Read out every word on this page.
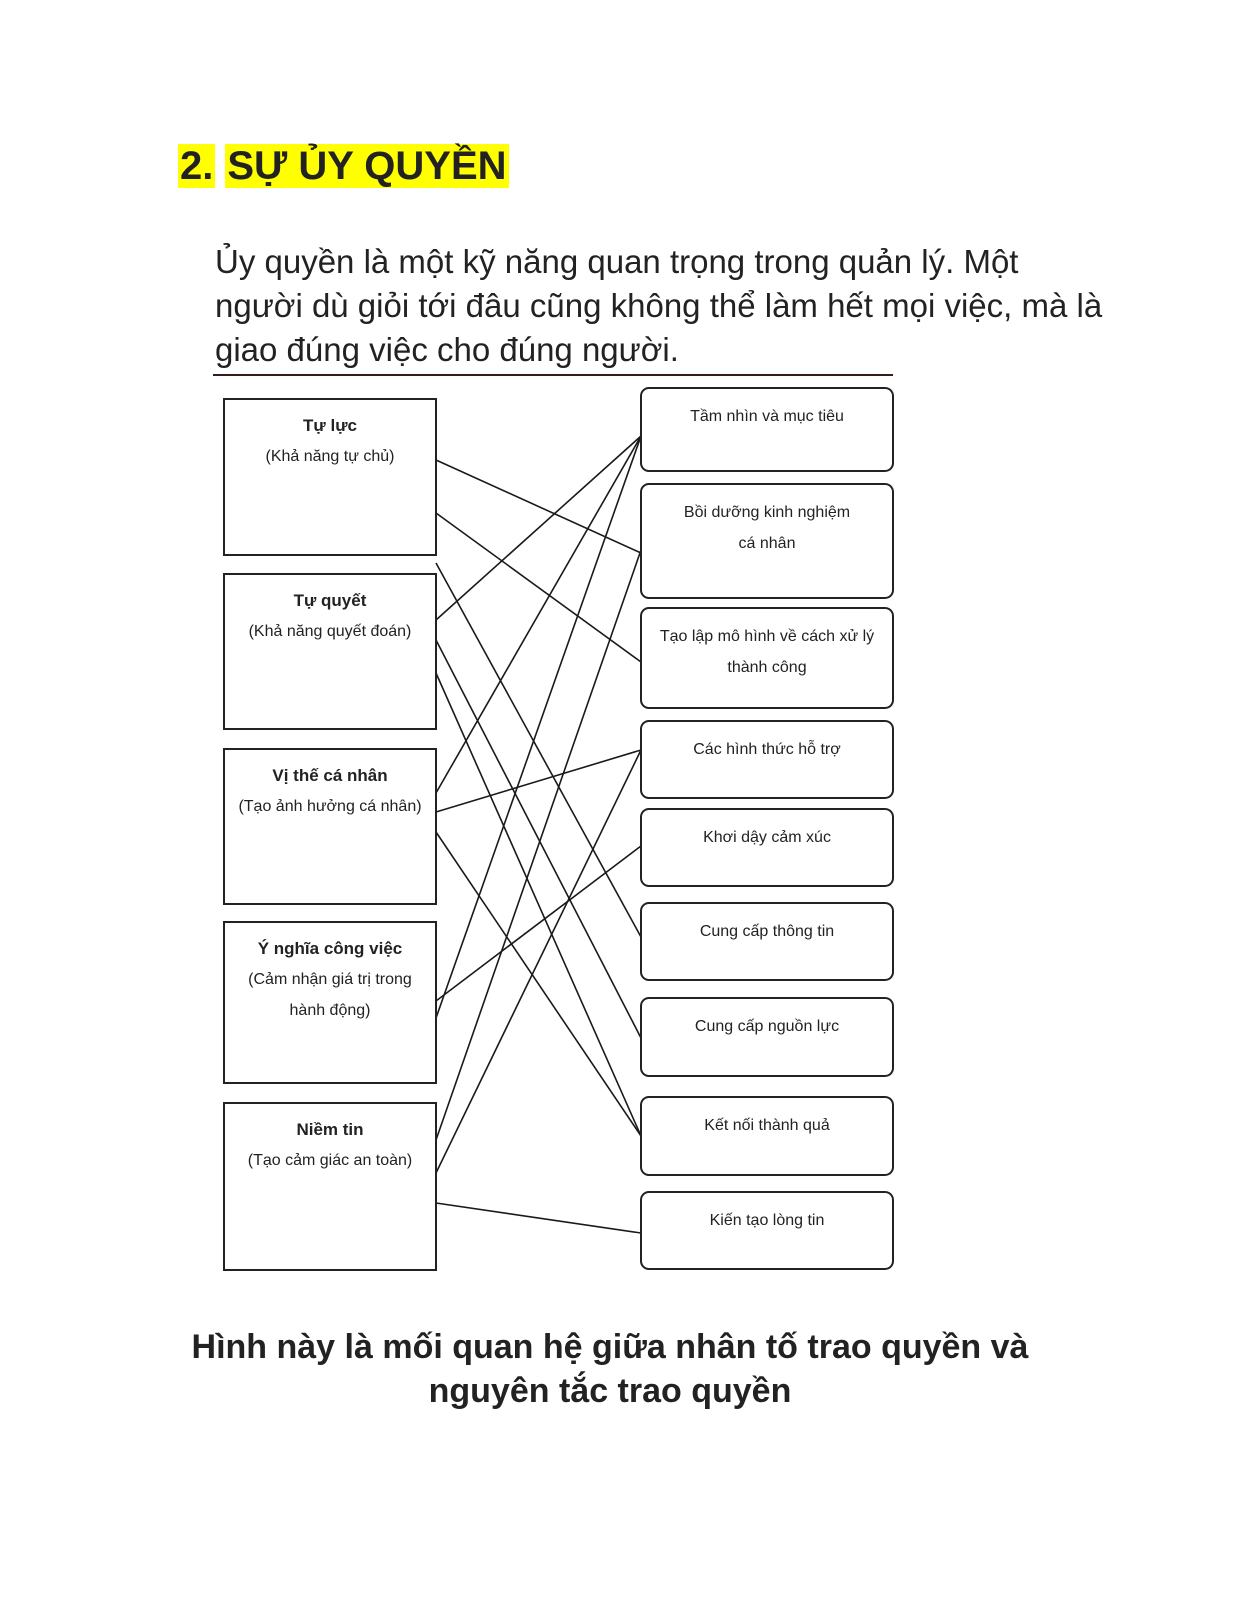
2. SỰ ỦY QUYỀN

Ủy quyền là một kỹ năng quan trọng trong quản lý. Một người dù giỏi tới đâu cũng không thể làm hết mọi việc, mà là giao đúng việc cho đúng người.

Tự lực
(Khả năng tự chủ)
Tự quyết
(Khả năng quyết đoán)
Vị thế cá nhân
(Tạo ảnh hưởng cá nhân)
Ý nghĩa công việc
(Cảm nhận giá trị trong
hành động)
Niềm tin
(Tạo cảm giác an toàn)
Tầm nhìn và mục tiêu
Bồi dưỡng kinh nghiệm
cá nhân
Tạo lập mô hình về cách xử lý
thành công
Các hình thức hỗ trợ
Khơi dậy cảm xúc
Cung cấp thông tin
Cung cấp nguồn lực
Kết nối thành quả
Kiến tạo lòng tin

Hình này là mối quan hệ giữa nhân tố trao quyền và
nguyên tắc trao quyền
